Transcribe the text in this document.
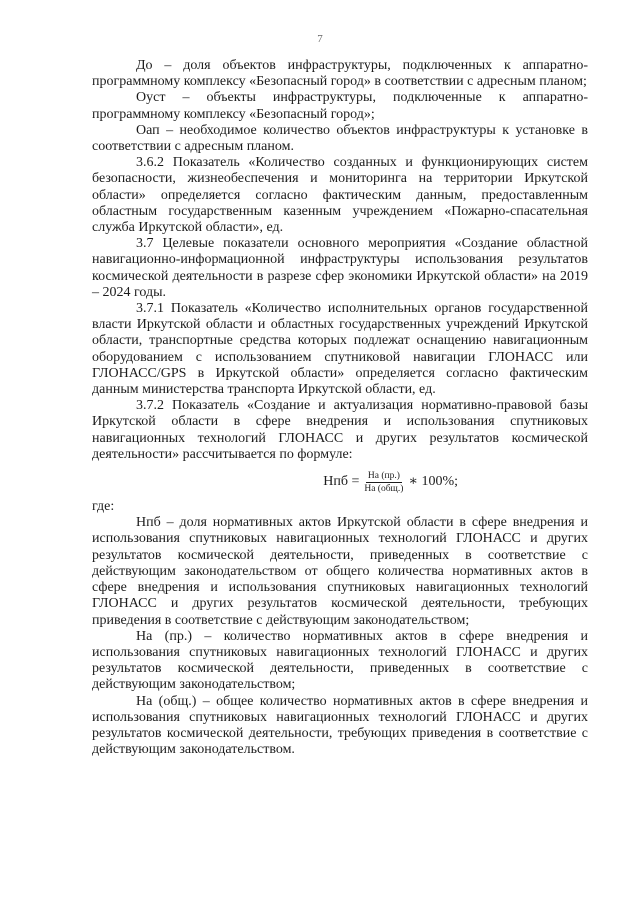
7

До – доля объектов инфраструктуры, подключенных к аппаратно-программному комплексу «Безопасный город» в соответствии с адресным планом;

Оуст – объекты инфраструктуры, подключенные к аппаратно-программному комплексу «Безопасный город»;

Оап – необходимое количество объектов инфраструктуры к установке в соответствии с адресным планом.

3.6.2 Показатель «Количество созданных и функционирующих систем безопасности, жизнеобеспечения и мониторинга на территории Иркутской области» определяется согласно фактическим данным, предоставленным областным государственным казенным учреждением «Пожарно-спасательная служба Иркутской области», ед.

3.7 Целевые показатели основного мероприятия «Создание областной навигационно-информационной инфраструктуры использования результатов космической деятельности в разрезе сфер экономики Иркутской области» на 2019 – 2024 годы.

3.7.1 Показатель «Количество исполнительных органов государственной власти Иркутской области и областных государственных учреждений Иркутской области, транспортные средства которых подлежат оснащению навигационным оборудованием с использованием спутниковой навигации ГЛОНАСС или ГЛОНАСС/GPS в Иркутской области» определяется согласно фактическим данным министерства транспорта Иркутской области, ед.

3.7.2 Показатель «Создание и актуализация нормативно-правовой базы Иркутской области в сфере внедрения и использования спутниковых навигационных технологий ГЛОНАСС и других результатов космической деятельности» рассчитывается по формуле:

Нпб = $\frac{На (пр.)}{\text{На (общ.)}}$ ∗ 100%;

где:

Нпб – доля нормативных актов Иркутской области в сфере внедрения и использования спутниковых навигационных технологий ГЛОНАСС и других результатов космической деятельности, приведенных в соответствие с действующим законодательством от общего количества нормативных актов в сфере внедрения и использования спутниковых навигационных технологий ГЛОНАСС и других результатов космической деятельности, требующих приведения в соответствие с действующим законодательством;

На (пр.) – количество нормативных актов в сфере внедрения и использования спутниковых навигационных технологий ГЛОНАСС и других результатов космической деятельности, приведенных в соответствие с действующим законодательством;

На (общ.) – общее количество нормативных актов в сфере внедрения и использования спутниковых навигационных технологий ГЛОНАСС и других результатов космической деятельности, требующих приведения в соответствие с действующим законодательством.
